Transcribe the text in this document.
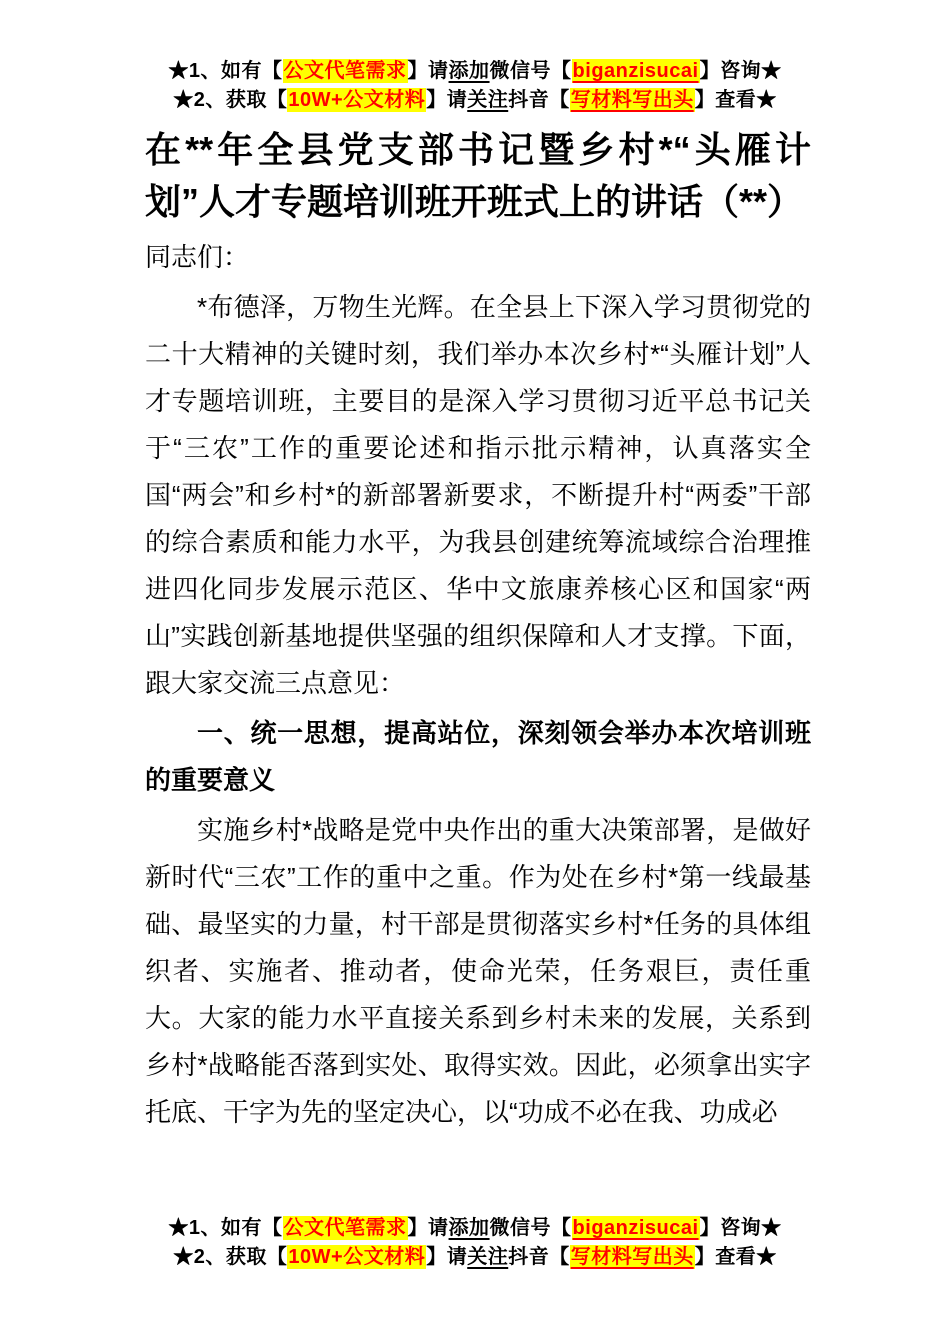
★1、如有【公文代笔需求】请添加微信号【biganzisucai】咨询★
★2、获取【10W+公文材料】请关注抖音【写材料写出头】查看★
在**年全县党支部书记暨乡村*“头雁计划”人才专题培训班开班式上的讲话（**）

同志们：

*布德泽，万物生光辉。在全县上下深入学习贯彻党的二十大精神的关键时刻，我们举办本次乡村*“头雁计划”人才专题培训班，主要目的是深入学习贯彻习近平总书记关于“三农”工作的重要论述和指示批示精神，认真落实全国“两会”和乡村*的新部署新要求，不断提升村“两委”干部的综合素质和能力水平，为我县创建统筹流域综合治理推进四化同步发展示范区、华中文旅康养核心区和国家“两山”实践创新基地提供坚强的组织保障和人才支撑。下面，跟大家交流三点意见：

一、统一思想，提高站位，深刻领会举办本次培训班的重要意义

实施乡村*战略是党中央作出的重大决策部署，是做好新时代“三农”工作的重中之重。作为处在乡村*第一线最基础、最坚实的力量，村干部是贯彻落实乡村*任务的具体组织者、实施者、推动者，使命光荣，任务艰巨，责任重大。大家的能力水平直接关系到乡村未来的发展，关系到乡村*战略能否落到实处、取得实效。因此，必须拿出实字托底、干字为先的坚定决心，以“功成不必在我、功成必

★1、如有【公文代笔需求】请添加微信号【biganzisucai】咨询★
★2、获取【10W+公文材料】请关注抖音【写材料写出头】查看★
